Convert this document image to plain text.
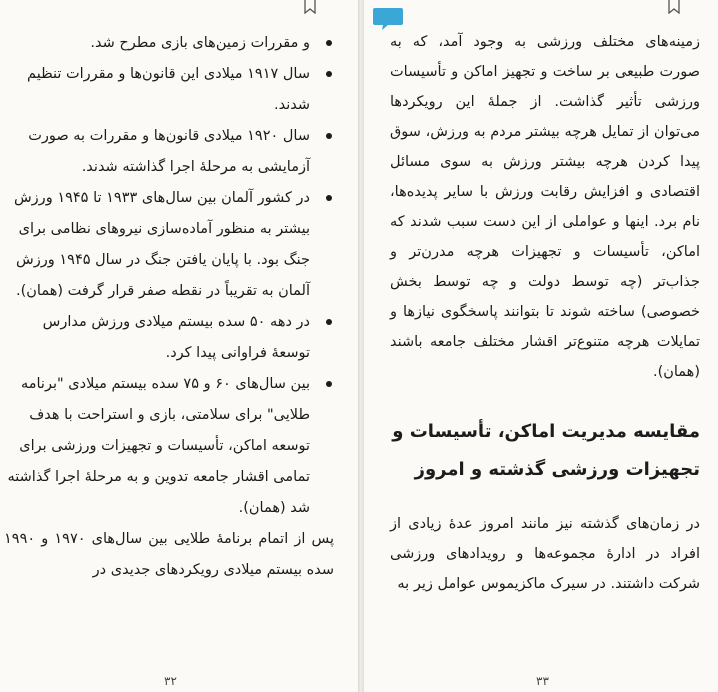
و مقررات زمین‌های بازی مطرح شد.
سال ۱۹۱۷ میلادی این قانون‌ها و مقررات تنظیم شدند.
سال ۱۹۲۰ میلادی قانون‌ها و مقررات به صورت آزمایشی به مرحلهٔ اجرا گذاشته شدند.
در کشور آلمان بین سال‌های ۱۹۳۳ تا ۱۹۴۵ ورزش بیشتر به منظور آماده‌سازی نیروهای نظامی برای جنگ بود. با پایان یافتن جنگ در سال ۱۹۴۵ ورزش آلمان به تقریباً در نقطه صفر قرار گرفت (همان).
در دهه ۵۰ سده بیستم میلادی ورزش مدارس توسعهٔ فراوانی پیدا کرد.
بین سال‌های ۶۰ و ۷۵ سده بیستم میلادی "برنامه طلایی" برای سلامتی، بازی و استراحت با هدف توسعه اماکن، تأسیسات و تجهیزات ورزشی برای تمامی اقشار جامعه تدوین و به مرحلهٔ اجرا گذاشته شد (همان).

پس از اتمام برنامهٔ طلایی بین سال‌های ۱۹۷۰ و ۱۹۹۰ سده بیستم میلادی رویکردهای جدیدی در

۳۲	۳۳

زمینه‌های مختلف ورزشی به وجود آمد، که به صورت طبیعی بر ساخت و تجهیز اماکن و تأسیسات ورزشی تأثیر گذاشت. از جملهٔ این رویکردها می‌توان از تمایل هرچه بیشتر مردم به ورزش، سوق پیدا کردن هرچه بیشتر ورزش به سوی مسائل اقتصادی و افزایش رقابت ورزش با سایر پدیده‌ها، نام برد. اینها و عواملی از این دست سبب شدند که اماکن، تأسیسات و تجهیزات هرچه مدرن‌تر و جذاب‌تر (چه توسط دولت و چه توسط بخش خصوصی) ساخته شوند تا بتوانند پاسخگوی نیازها و تمایلات هرچه متنوع‌تر اقشار مختلف جامعه باشند (همان).

مقایسه مدیریت اماکن، تأسیسات و تجهیزات ورزشی گذشته و امروز

در زمان‌های گذشته نیز مانند امروز عدهٔ زیادی از افراد در ادارهٔ مجموعه‌ها و رویدادهای ورزشی شرکت داشتند. در سیرک ماکزیموس عوامل زیر به
